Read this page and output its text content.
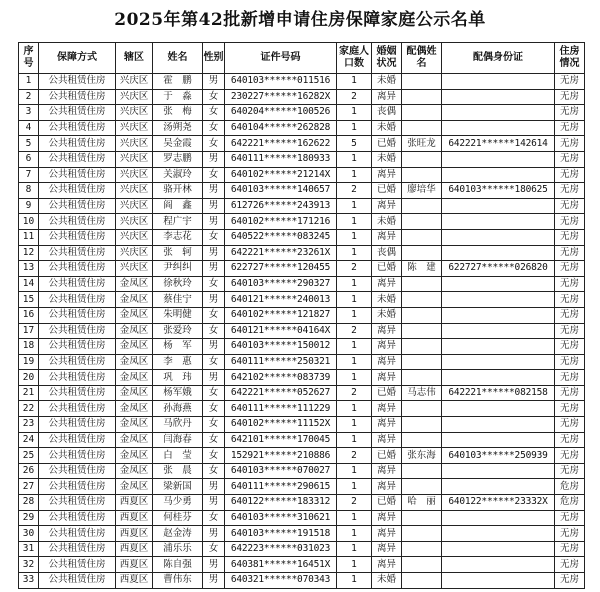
2025年第42批新增申请住房保障家庭公示名单
序号	保障方式	辖区	姓名	性别	证件号码	家庭人口数	婚姻状况	配偶姓名	配偶身份证	住房情况
1	公共租赁住房	兴庆区	霍　鹏	男	640103******011516	1	未婚			无房
2	公共租赁住房	兴庆区	于　淼	女	230227******16282X	2	离异			无房
3	公共租赁住房	兴庆区	张　梅	女	640204******100526	1	丧偶			无房
4	公共租赁住房	兴庆区	汤朔尧	女	640104******262828	1	未婚			无房
5	公共租赁住房	兴庆区	吴金霞	女	642221******162622	5	已婚	张旺龙	642221******142614	无房
6	公共租赁住房	兴庆区	罗志鹏	男	640111******180933	1	未婚			无房
7	公共租赁住房	兴庆区	关淑玲	女	640102******21214X	1	离异			无房
8	公共租赁住房	兴庆区	骆开林	男	640103******140657	2	已婚	廖培华	640103******180625	无房
9	公共租赁住房	兴庆区	阎　鑫	男	612726******243913	1	离异			无房
10	公共租赁住房	兴庆区	程广宇	男	640102******171216	1	未婚			无房
11	公共租赁住房	兴庆区	李志花	女	640522******083245	1	离异			无房
12	公共租赁住房	兴庆区	张　轲	男	642221******23261X	1	丧偶			无房
13	公共租赁住房	兴庆区	尹纠纠	男	622727******120455	2	已婚	陈　建	622727******026820	无房
14	公共租赁住房	金凤区	徐秋玲	女	640103******290327	1	离异			无房
15	公共租赁住房	金凤区	蔡佳宁	男	640121******240013	1	未婚			无房
16	公共租赁住房	金凤区	朱明健	女	640102******121827	1	未婚			无房
17	公共租赁住房	金凤区	张爱玲	女	640121******04164X	2	离异			无房
18	公共租赁住房	金凤区	杨　军	男	640103******150012	1	离异			无房
19	公共租赁住房	金凤区	李　惠	女	640111******250321	1	离异			无房
20	公共租赁住房	金凤区	巩　玮	男	642102******083739	1	离异			无房
21	公共租赁住房	金凤区	杨军娥	女	642221******052627	2	已婚	马志伟	642221******082158	无房
22	公共租赁住房	金凤区	孙海燕	女	640111******111229	1	离异			无房
23	公共租赁住房	金凤区	马欣丹	女	640102******11152X	1	离异			无房
24	公共租赁住房	金凤区	闫海春	女	642101******170045	1	离异			无房
25	公共租赁住房	金凤区	白　莹	女	152921******210886	2	已婚	张东海	640103******250939	无房
26	公共租赁住房	金凤区	张　晨	女	640103******070027	1	离异			无房
27	公共租赁住房	金凤区	梁新国	男	640111******290615	1	离异			危房
28	公共租赁住房	西夏区	马少勇	男	640122******183312	2	已婚	哈　丽	640122******23332X	危房
29	公共租赁住房	西夏区	何桂芬	女	640103******310621	1	离异			无房
30	公共租赁住房	西夏区	赵金涛	男	640103******191518	1	离异			无房
31	公共租赁住房	西夏区	浦乐乐	女	642223******031023	1	离异			无房
32	公共租赁住房	西夏区	陈自强	男	640381******16451X	1	离异			无房
33	公共租赁住房	西夏区	曹伟东	男	640321******070343	1	未婚			无房
